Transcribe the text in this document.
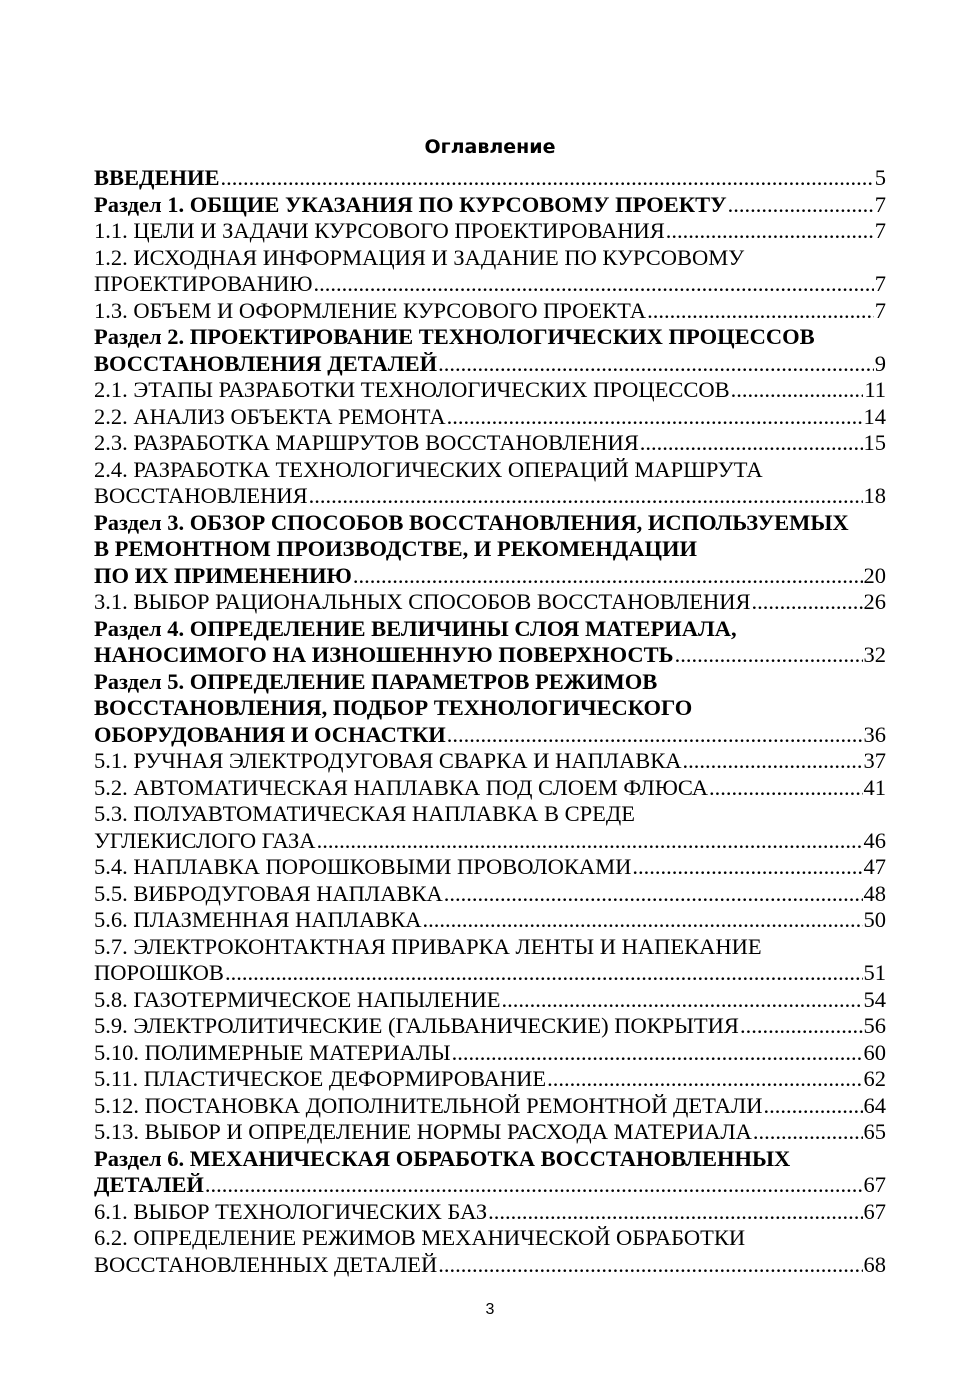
Оглавление
ВВЕДЕНИЕ .....	5
Раздел 1. ОБЩИЕ УКАЗАНИЯ ПО КУРСОВОМУ ПРОЕКТУ .....	7
1.1. ЦЕЛИ И ЗАДАЧИ КУРСОВОГО ПРОЕКТИРОВАНИЯ .....	7
1.2. ИСХОДНАЯ ИНФОРМАЦИЯ И ЗАДАНИЕ ПО КУРСОВОМУ
ПРОЕКТИРОВАНИЮ .....	7
1.3. ОБЪЕМ И ОФОРМЛЕНИЕ КУРСОВОГО ПРОЕКТА .....	7
Раздел 2. ПРОЕКТИРОВАНИЕ ТЕХНОЛОГИЧЕСКИХ ПРОЦЕССОВ
ВОССТАНОВЛЕНИЯ ДЕТАЛЕЙ .....	9
2.1. ЭТАПЫ РАЗРАБОТКИ ТЕХНОЛОГИЧЕСКИХ ПРОЦЕССОВ .....	11
2.2. АНАЛИЗ ОБЪЕКТА РЕМОНТА .....	14
2.3. РАЗРАБОТКА МАРШРУТОВ ВОССТАНОВЛЕНИЯ .....	15
2.4. РАЗРАБОТКА ТЕХНОЛОГИЧЕСКИХ ОПЕРАЦИЙ МАРШРУТА
ВОССТАНОВЛЕНИЯ .....	18
Раздел 3. ОБЗОР СПОСОБОВ ВОССТАНОВЛЕНИЯ, ИСПОЛЬЗУЕМЫХ
В РЕМОНТНОМ ПРОИЗВОДСТВЕ, И РЕКОМЕНДАЦИИ
ПО ИХ ПРИМЕНЕНИЮ .....	20
3.1. ВЫБОР РАЦИОНАЛЬНЫХ СПОСОБОВ ВОССТАНОВЛЕНИЯ .....	26
Раздел 4. ОПРЕДЕЛЕНИЕ ВЕЛИЧИНЫ СЛОЯ МАТЕРИАЛА,
НАНОСИМОГО НА ИЗНОШЕННУЮ ПОВЕРХНОСТЬ .....	32
Раздел 5. ОПРЕДЕЛЕНИЕ ПАРАМЕТРОВ РЕЖИМОВ
ВОССТАНОВЛЕНИЯ, ПОДБОР ТЕХНОЛОГИЧЕСКОГО
ОБОРУДОВАНИЯ И ОСНАСТКИ .....	36
5.1. РУЧНАЯ ЭЛЕКТРОДУГОВАЯ СВАРКА И НАПЛАВКА .....	37
5.2. АВТОМАТИЧЕСКАЯ НАПЛАВКА ПОД СЛОЕМ ФЛЮСА .....	41
5.3. ПОЛУАВТОМАТИЧЕСКАЯ НАПЛАВКА В СРЕДЕ
УГЛЕКИСЛОГО ГАЗА .....	46
5.4. НАПЛАВКА ПОРОШКОВЫМИ ПРОВОЛОКАМИ .....	47
5.5. ВИБРОДУГОВАЯ НАПЛАВКА .....	48
5.6. ПЛАЗМЕННАЯ НАПЛАВКА .....	50
5.7. ЭЛЕКТРОКОНТАКТНАЯ ПРИВАРКА ЛЕНТЫ И НАПЕКАНИЕ
ПОРОШКОВ .....	51
5.8. ГАЗОТЕРМИЧЕСКОЕ НАПЫЛЕНИЕ .....	54
5.9. ЭЛЕКТРОЛИТИЧЕСКИЕ (ГАЛЬВАНИЧЕСКИЕ) ПОКРЫТИЯ .....	56
5.10. ПОЛИМЕРНЫЕ МАТЕРИАЛЫ .....	60
5.11. ПЛАСТИЧЕСКОЕ ДЕФОРМИРОВАНИЕ .....	62
5.12. ПОСТАНОВКА ДОПОЛНИТЕЛЬНОЙ РЕМОНТНОЙ ДЕТАЛИ .....	64
5.13. ВЫБОР И ОПРЕДЕЛЕНИЕ НОРМЫ РАСХОДА МАТЕРИАЛА .....	65
Раздел 6. МЕХАНИЧЕСКАЯ ОБРАБОТКА ВОССТАНОВЛЕННЫХ
ДЕТАЛЕЙ .....	67
6.1. ВЫБОР ТЕХНОЛОГИЧЕСКИХ БАЗ .....	67
6.2. ОПРЕДЕЛЕНИЕ РЕЖИМОВ МЕХАНИЧЕСКОЙ ОБРАБОТКИ
ВОССТАНОВЛЕННЫХ ДЕТАЛЕЙ .....	68
3
